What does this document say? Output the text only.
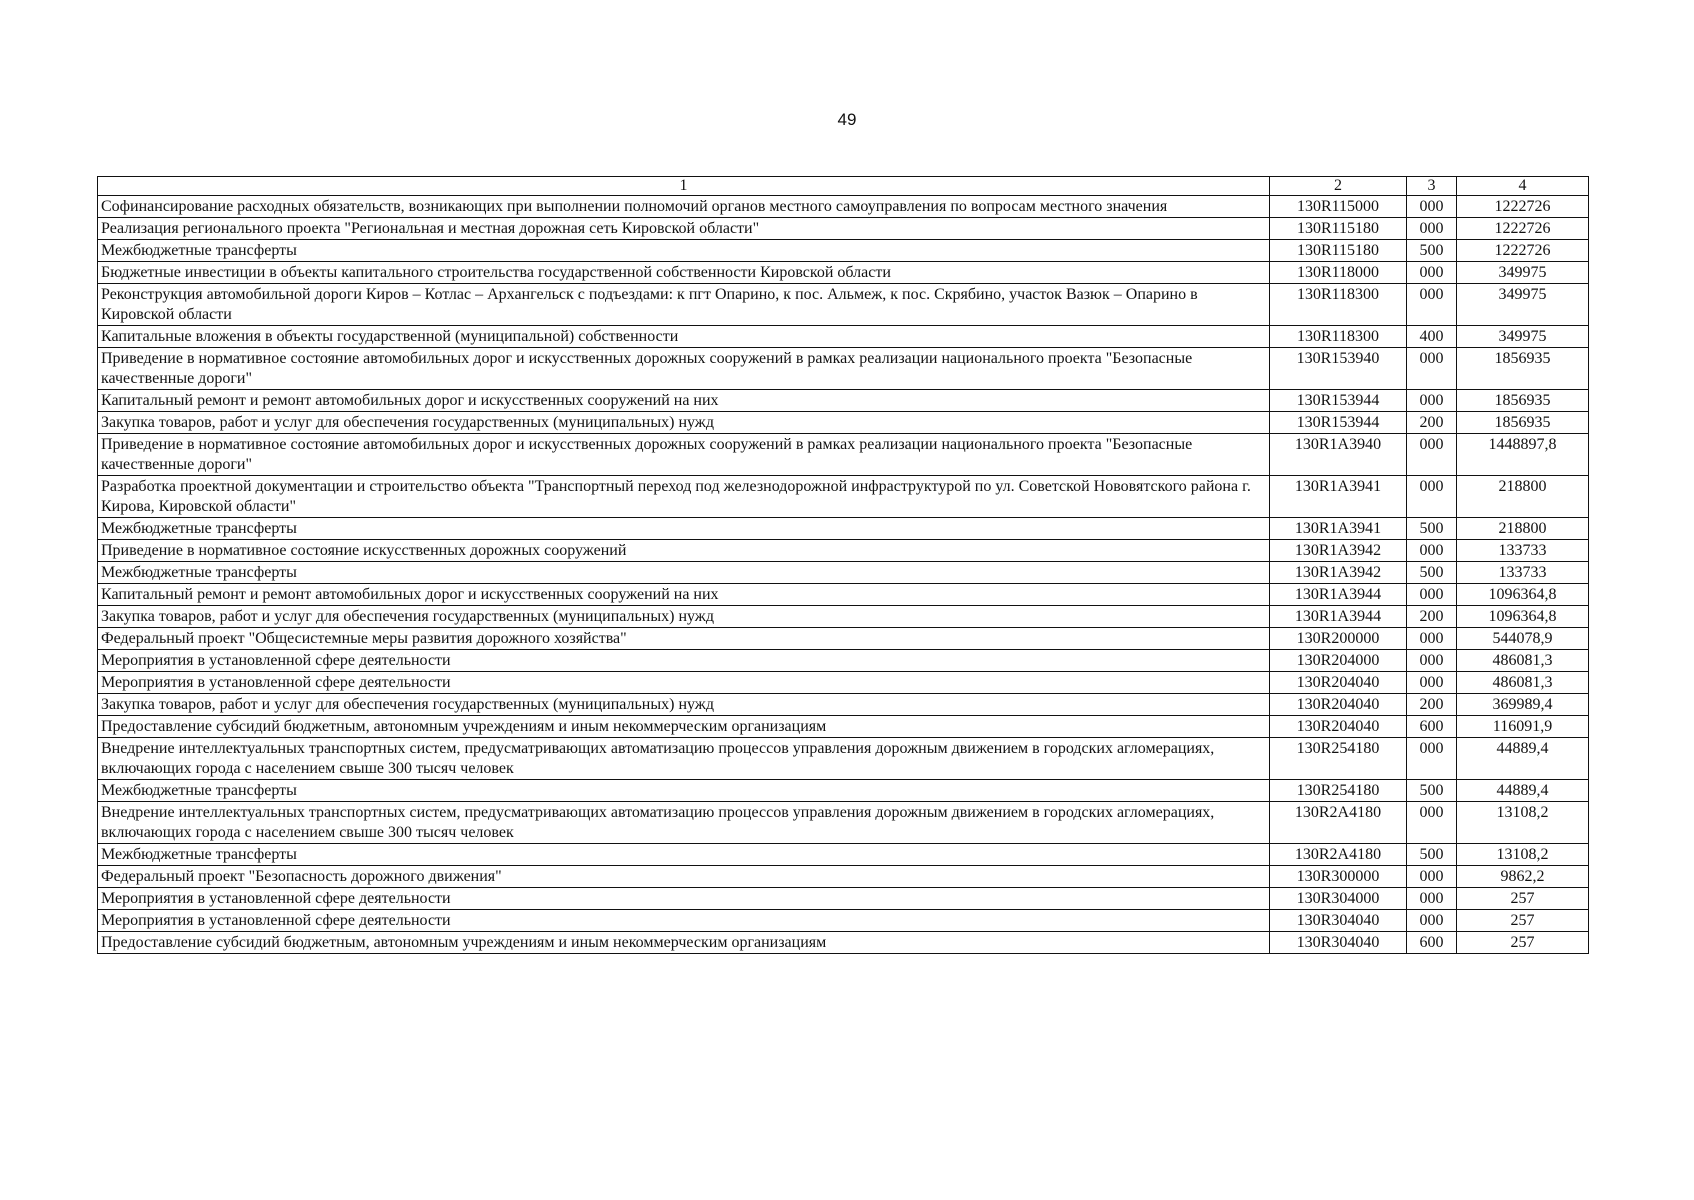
49
1	2	3	4
Софинансирование расходных обязательств, возникающих при выполнении полномочий органов местного самоуправления по вопросам местного значения	130R115000	000	1222726
Реализация регионального проекта "Региональная и местная дорожная сеть Кировской области"	130R115180	000	1222726
Межбюджетные трансферты	130R115180	500	1222726
Бюджетные инвестиции в объекты капитального строительства государственной собственности Кировской области	130R118000	000	349975
Реконструкция автомобильной дороги Киров – Котлас – Архангельск с подъездами: к пгт Опарино, к пос. Альмеж, к пос. Скрябино, участок Вазюк – Опарино в Кировской области	130R118300	000	349975
Капитальные вложения в объекты государственной (муниципальной) собственности	130R118300	400	349975
Приведение в нормативное состояние автомобильных дорог и искусственных дорожных сооружений в рамках реализации национального проекта "Безопасные качественные дороги"	130R153940	000	1856935
Капитальный ремонт и ремонт автомобильных дорог и искусственных сооружений на них	130R153944	000	1856935
Закупка товаров, работ и услуг для обеспечения государственных (муниципальных) нужд	130R153944	200	1856935
Приведение в нормативное состояние автомобильных дорог и искусственных дорожных сооружений в рамках реализации национального проекта "Безопасные качественные дороги"	130R1A3940	000	1448897,8
Разработка проектной документации и строительство объекта "Транспортный переход под железнодорожной инфраструктурой по ул. Советской Нововятского района г. Кирова, Кировской области"	130R1A3941	000	218800
Межбюджетные трансферты	130R1A3941	500	218800
Приведение в нормативное состояние искусственных дорожных сооружений	130R1A3942	000	133733
Межбюджетные трансферты	130R1A3942	500	133733
Капитальный ремонт и ремонт автомобильных дорог и искусственных сооружений на них	130R1A3944	000	1096364,8
Закупка товаров, работ и услуг для обеспечения государственных (муниципальных) нужд	130R1A3944	200	1096364,8
Федеральный проект "Общесистемные меры развития дорожного хозяйства"	130R200000	000	544078,9
Мероприятия в установленной сфере деятельности	130R204000	000	486081,3
Мероприятия в установленной сфере деятельности	130R204040	000	486081,3
Закупка товаров, работ и услуг для обеспечения государственных (муниципальных) нужд	130R204040	200	369989,4
Предоставление субсидий бюджетным, автономным учреждениям и иным некоммерческим организациям	130R204040	600	116091,9
Внедрение интеллектуальных транспортных систем, предусматривающих автоматизацию процессов управления дорожным движением в городских агломерациях, включающих города с населением свыше 300 тысяч человек	130R254180	000	44889,4
Межбюджетные трансферты	130R254180	500	44889,4
Внедрение интеллектуальных транспортных систем, предусматривающих автоматизацию процессов управления дорожным движением в городских агломерациях, включающих города с населением свыше 300 тысяч человек	130R2A4180	000	13108,2
Межбюджетные трансферты	130R2A4180	500	13108,2
Федеральный проект "Безопасность дорожного движения"	130R300000	000	9862,2
Мероприятия в установленной сфере деятельности	130R304000	000	257
Мероприятия в установленной сфере деятельности	130R304040	000	257
Предоставление субсидий бюджетным, автономным учреждениям и иным некоммерческим организациям	130R304040	600	257
